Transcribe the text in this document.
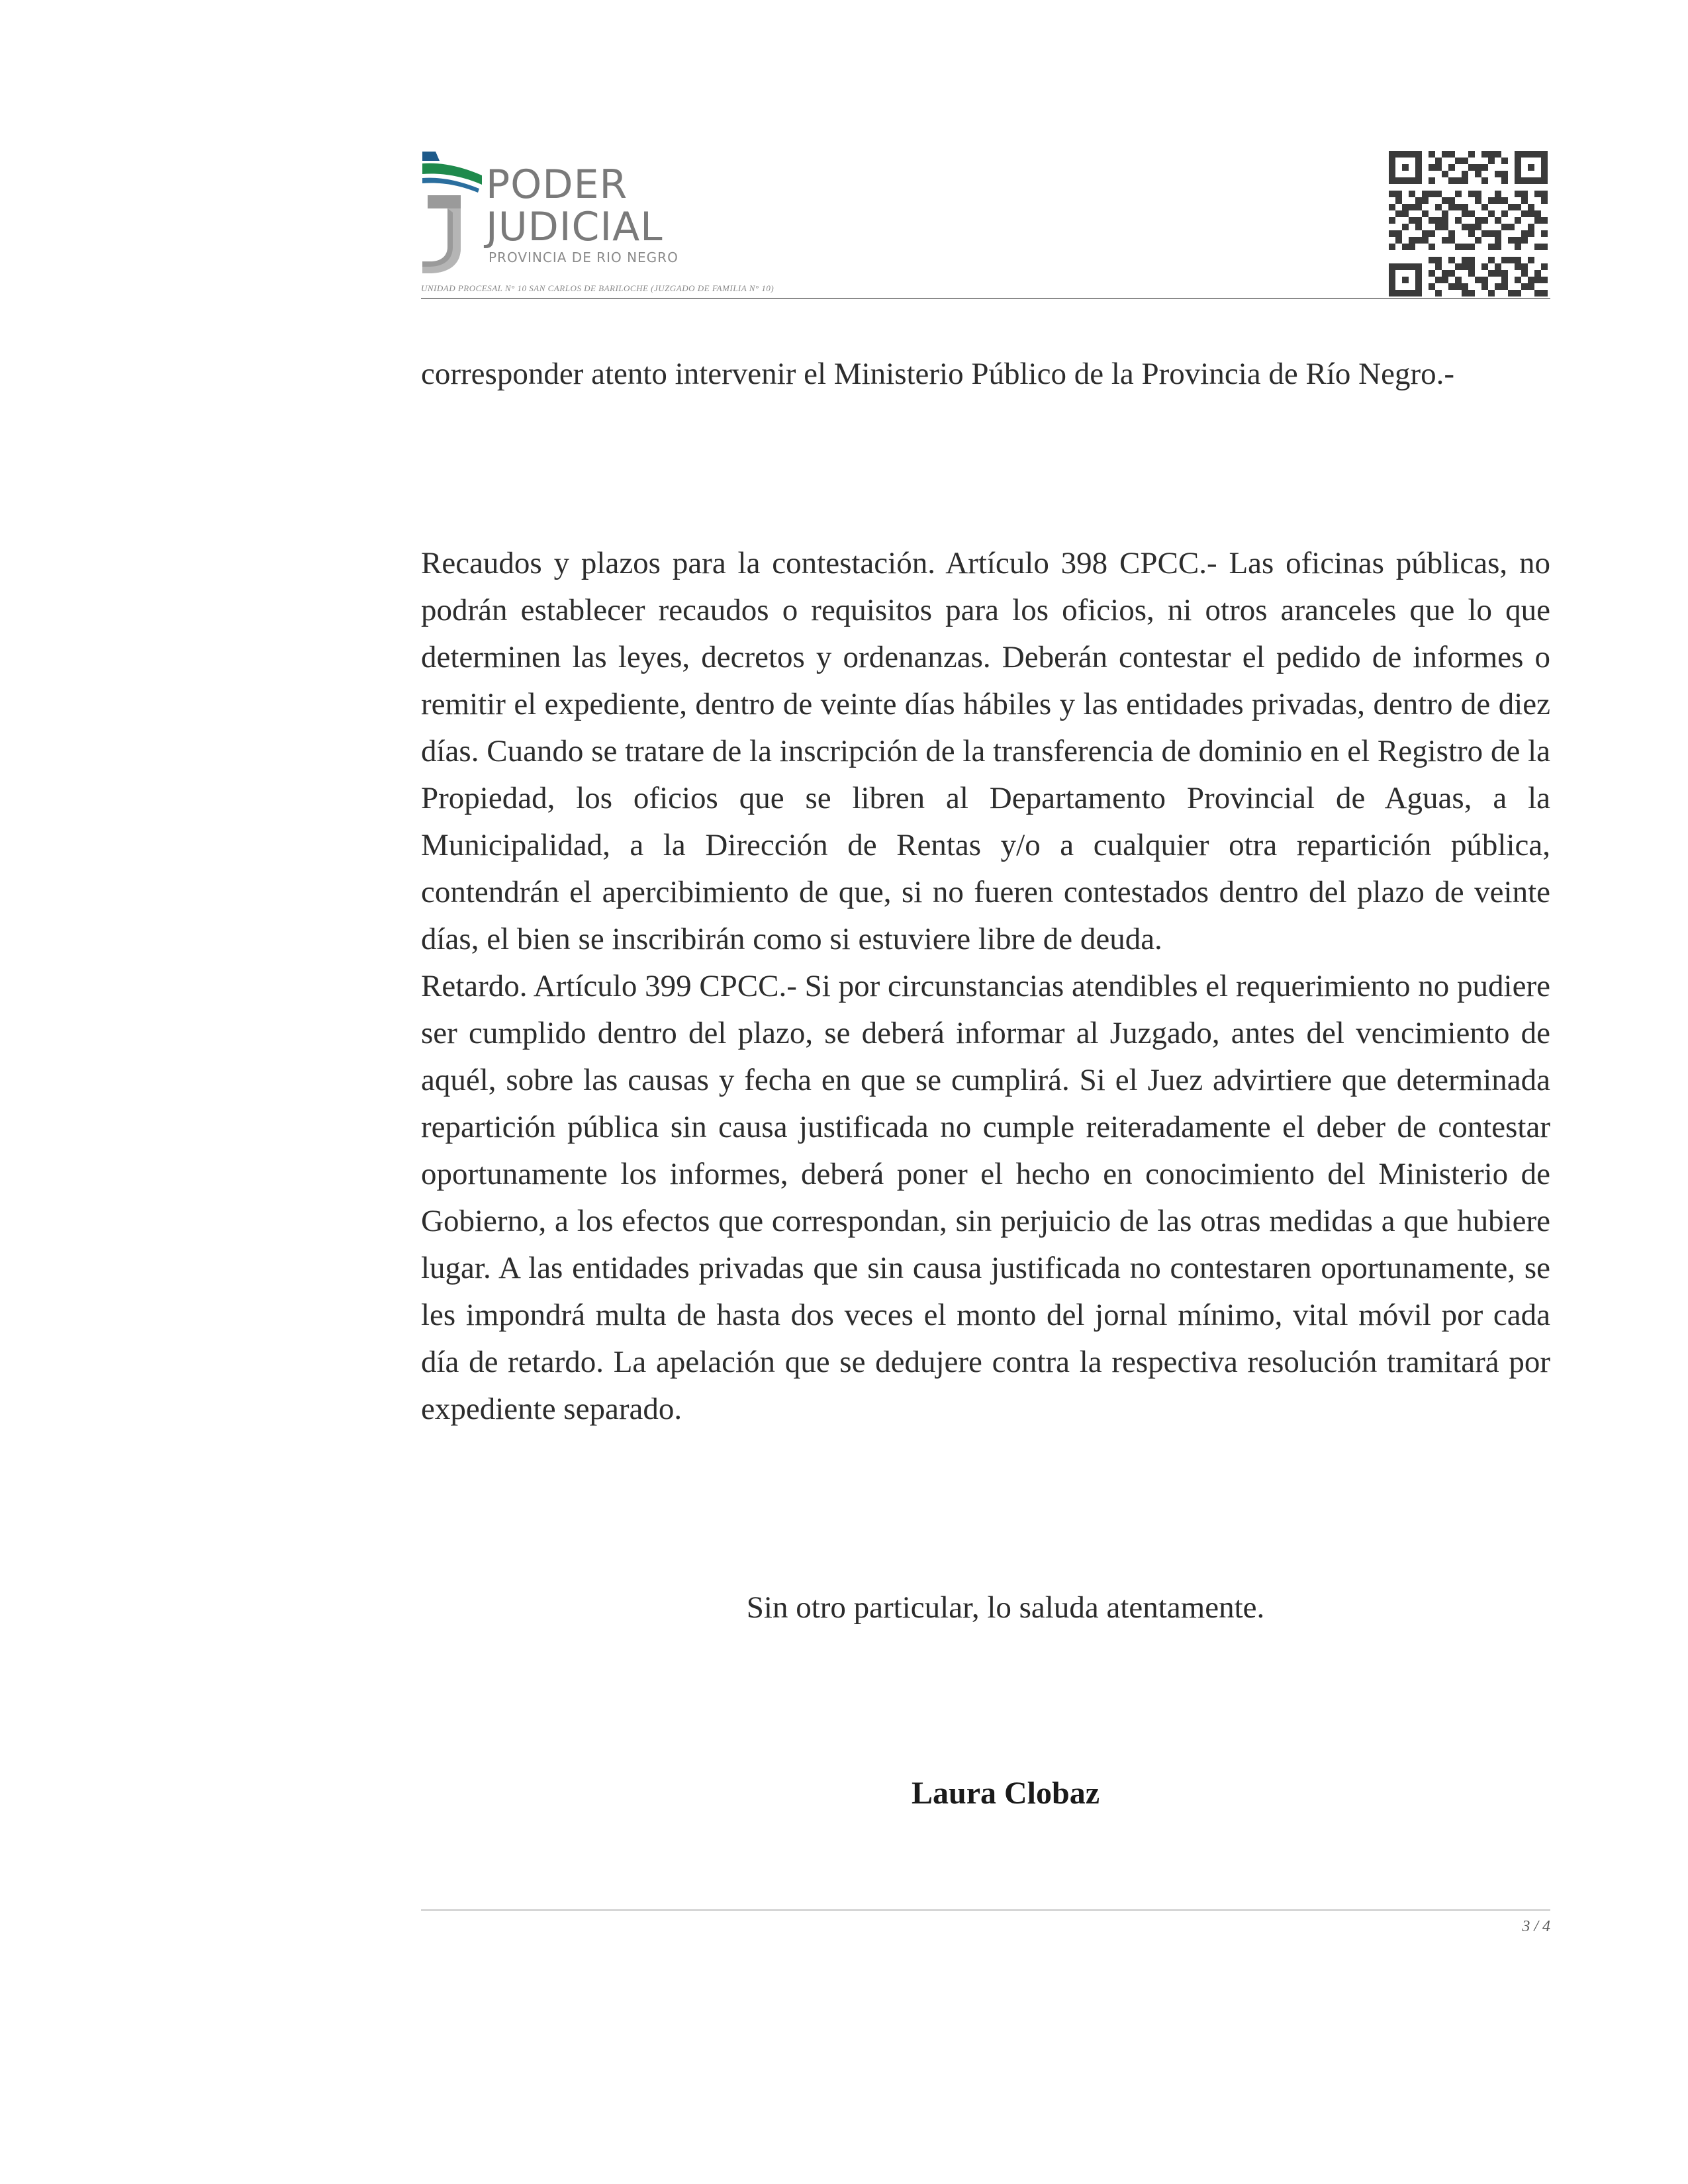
PODER
JUDICIAL
PROVINCIA DE RIO NEGRO
UNIDAD PROCESAL N° 10 SAN CARLOS DE BARILOCHE (JUZGADO DE FAMILIA N° 10)

corresponder atento intervenir el Ministerio Público de la Provincia de Río Negro.-

Recaudos y plazos para la contestación. Artículo 398 CPCC.- Las oficinas públicas, no podrán establecer recaudos o requisitos para los oficios, ni otros aranceles que lo que determinen las leyes, decretos y ordenanzas. Deberán contestar el pedido de informes o remitir el expediente, dentro de veinte días hábiles y las entidades privadas, dentro de diez días. Cuando se tratare de la inscripción de la transferencia de dominio en el Registro de la Propiedad, los oficios que se libren al Departamento Provincial de Aguas, a la Municipalidad, a la Dirección de Rentas y/o a cualquier otra repartición pública, contendrán el apercibimiento de que, si no fueren contestados dentro del plazo de veinte días, el bien se inscribirán como si estuviere libre de deuda.

Retardo. Artículo 399 CPCC.- Si por circunstancias atendibles el requerimiento no pudiere ser cumplido dentro del plazo, se deberá informar al Juzgado, antes del vencimiento de aquél, sobre las causas y fecha en que se cumplirá. Si el Juez advirtiere que determinada repartición pública sin causa justificada no cumple reiteradamente el deber de contestar oportunamente los informes, deberá poner el hecho en conocimiento del Ministerio de Gobierno, a los efectos que correspondan, sin perjuicio de las otras medidas a que hubiere lugar. A las entidades privadas que sin causa justificada no contestaren oportunamente, se les impondrá multa de hasta dos veces el monto del jornal mínimo, vital móvil por cada día de retardo. La apelación que se dedujere contra la respectiva resolución tramitará por expediente separado.

Sin otro particular, lo saluda atentamente.
Laura Clobaz
3 / 4
